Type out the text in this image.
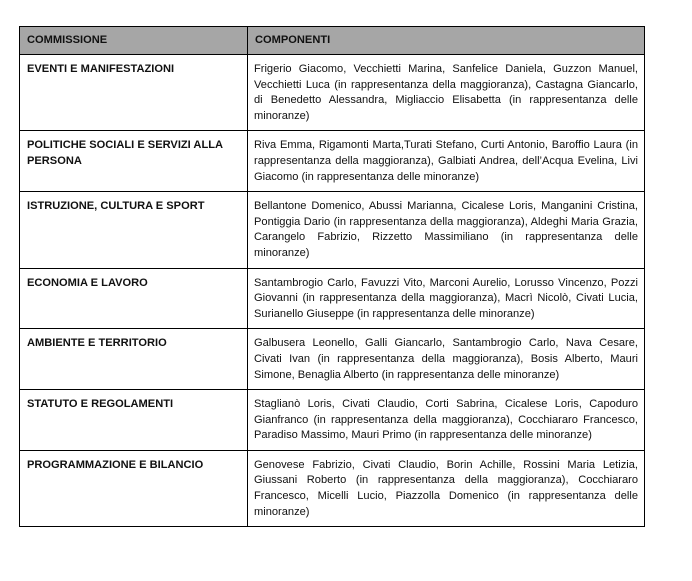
COMMISSIONE	COMPONENTI
EVENTI E MANIFESTAZIONI	Frigerio Giacomo, Vecchietti Marina, Sanfelice Daniela, Guzzon Manuel, Vecchietti Luca (in rappresentanza della maggioranza), Castagna Giancarlo, di Benedetto Alessandra, Migliaccio Elisabetta (in rappresentanza delle minoranze)
POLITICHE SOCIALI E SERVIZI ALLA PERSONA	Riva Emma, Rigamonti Marta,Turati Stefano, Curti Antonio, Baroffio Laura (in rappresentanza della maggioranza), Galbiati Andrea, dell’Acqua Evelina, Livi Giacomo (in rappresentanza delle minoranze)
ISTRUZIONE, CULTURA E SPORT	Bellantone Domenico, Abussi Marianna, Cicalese Loris, Manganini Cristina, Pontiggia Dario (in rappresentanza della maggioranza), Aldeghi Maria Grazia, Carangelo Fabrizio, Rizzetto Massimiliano (in rappresentanza delle minoranze)
ECONOMIA E LAVORO	Santambrogio Carlo, Favuzzi Vito, Marconi Aurelio, Lorusso Vincenzo, Pozzi Giovanni (in rappresentanza della maggioranza), Macrì Nicolò, Civati Lucia, Surianello Giuseppe (in rappresentanza delle minoranze)
AMBIENTE E TERRITORIO	Galbusera Leonello, Galli Giancarlo, Santambrogio Carlo, Nava Cesare, Civati Ivan (in rappresentanza della maggioranza), Bosis Alberto, Mauri Simone, Benaglia Alberto (in rappresentanza delle minoranze)
STATUTO E REGOLAMENTI	Staglianò Loris, Civati Claudio, Corti Sabrina, Cicalese Loris, Capoduro Gianfranco (in rappresentanza della maggioranza), Cocchiararo Francesco, Paradiso Massimo, Mauri Primo (in rappresentanza delle minoranze)
PROGRAMMAZIONE E BILANCIO	Genovese Fabrizio, Civati Claudio, Borin Achille, Rossini Maria Letizia, Giussani Roberto (in rappresentanza della maggioranza), Cocchiararo Francesco, Micelli Lucio, Piazzolla Domenico (in rappresentanza delle minoranze)
